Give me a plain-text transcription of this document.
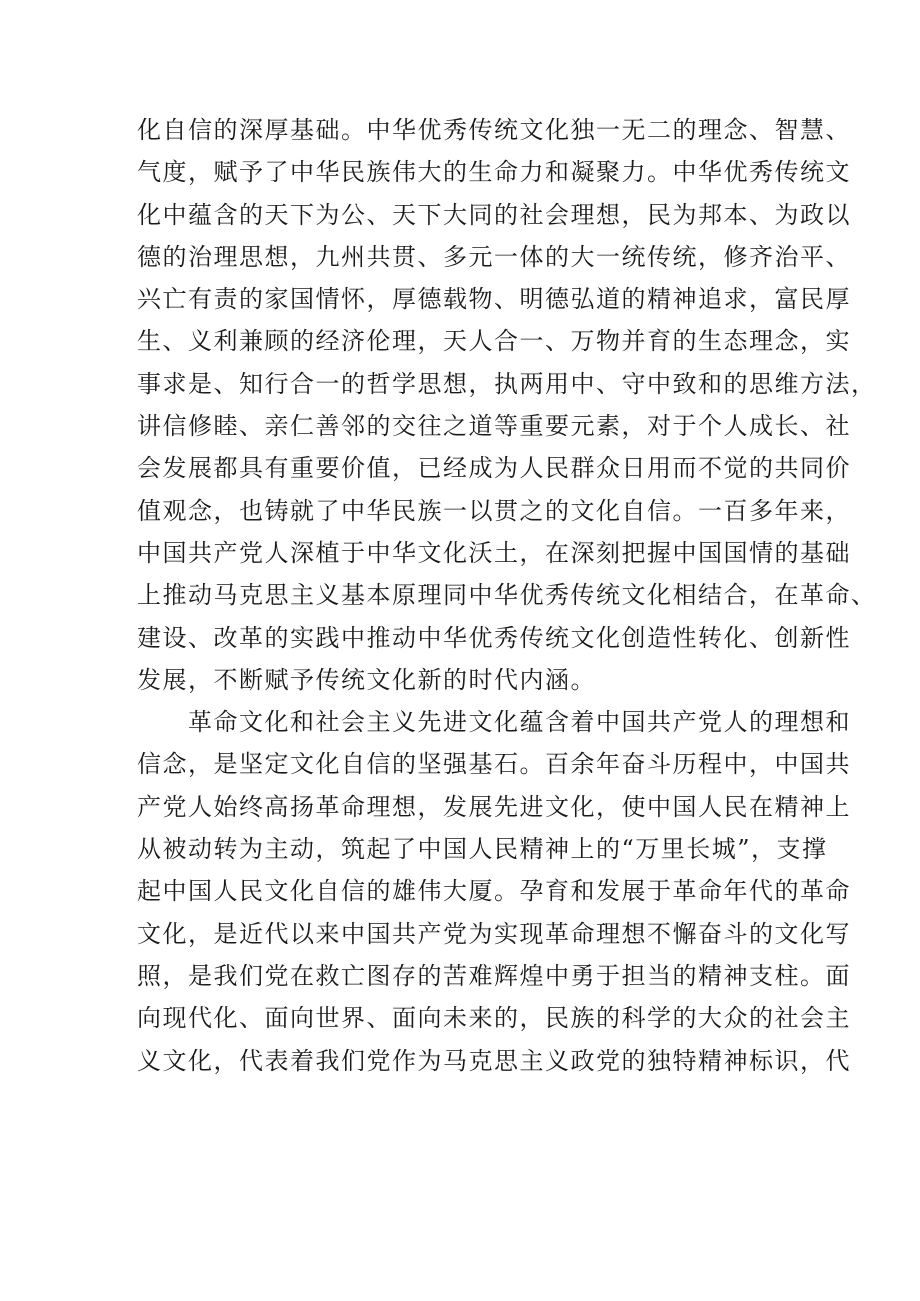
化自信的深厚基础。中华优秀传统文化独一无二的理念、智慧、
气度，赋予了中华民族伟大的生命力和凝聚力。中华优秀传统文
化中蕴含的天下为公、天下大同的社会理想，民为邦本、为政以
德的治理思想，九州共贯、多元一体的大一统传统，修齐治平、
兴亡有责的家国情怀，厚德载物、明德弘道的精神追求，富民厚
生、义利兼顾的经济伦理，天人合一、万物并育的生态理念，实
事求是、知行合一的哲学思想，执两用中、守中致和的思维方法，
讲信修睦、亲仁善邻的交往之道等重要元素，对于个人成长、社
会发展都具有重要价值，已经成为人民群众日用而不觉的共同价
值观念，也铸就了中华民族一以贯之的文化自信。一百多年来，
中国共产党人深植于中华文化沃土，在深刻把握中国国情的基础
上推动马克思主义基本原理同中华优秀传统文化相结合，在革命、
建设、改革的实践中推动中华优秀传统文化创造性转化、创新性
发展，不断赋予传统文化新的时代内涵。
革命文化和社会主义先进文化蕴含着中国共产党人的理想和
信念，是坚定文化自信的坚强基石。百余年奋斗历程中，中国共
产党人始终高扬革命理想，发展先进文化，使中国人民在精神上
从被动转为主动，筑起了中国人民精神上的“万里长城”，支撑
起中国人民文化自信的雄伟大厦。孕育和发展于革命年代的革命
文化，是近代以来中国共产党为实现革命理想不懈奋斗的文化写
照，是我们党在救亡图存的苦难辉煌中勇于担当的精神支柱。面
向现代化、面向世界、面向未来的，民族的科学的大众的社会主
义文化，代表着我们党作为马克思主义政党的独特精神标识，代
